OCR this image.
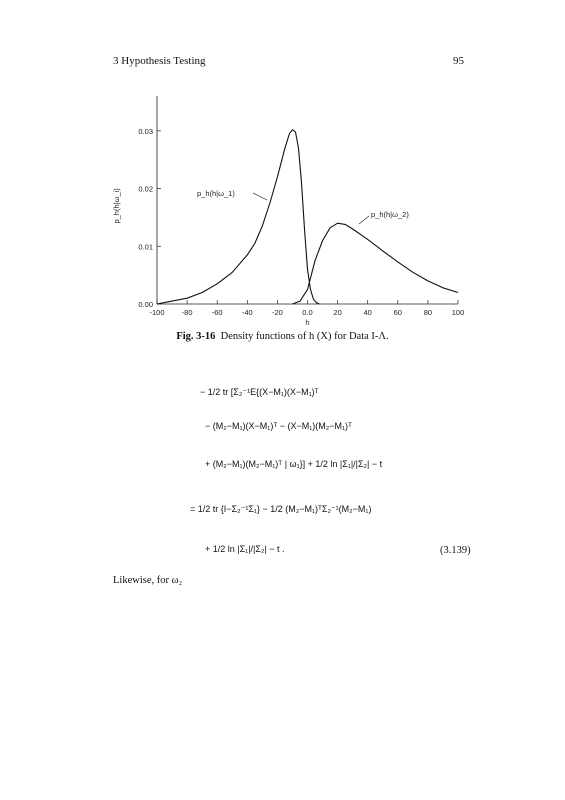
3 Hypothesis Testing	95
-100 -80	-60	-40	-20	0.0	20	40	60	80	100
0.00
0.01
0.02
0.03
p_h(h|ω_1)
p_h(h|ω_2)
h
p_h(h|ω_i)
Fig. 3-16 Density functions of h (X) for Data I-Λ.
− 1/2 tr [Σ₂⁻¹E{(X−M₁)(X−M₁)ᵀ
− (M₂−M₁)(X−M₁)ᵀ − (X−M₁)(M₂−M₁)ᵀ
+ (M₂−M₁)(M₂−M₁)ᵀ | ω₁}] + 1/2 ln |Σ₁|/|Σ₂| − t
= 1/2 tr {I−Σ₂⁻¹Σ₁} − 1/2 (M₂−M₁)ᵀΣ₂⁻¹(M₂−M₁)
+ 1/2 ln |Σ₁|/|Σ₂| − t .	(3.139)
Likewise, for ω₂
